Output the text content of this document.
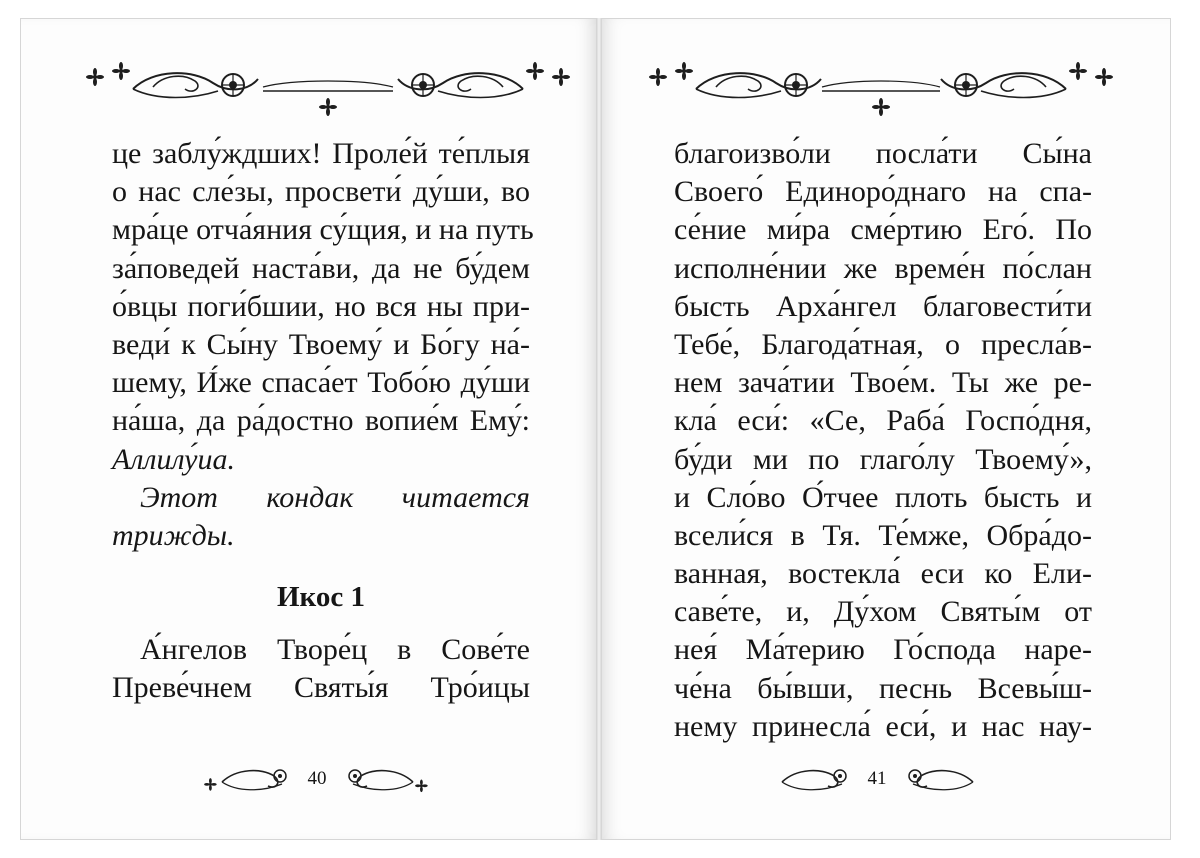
це заблу́ждших! Проле́й те́плыя
о нас сле́зы, просвети́ ду́ши, во
мра́це отча́яния су́щия, и на путь
за́поведей наста́ви, да не бу́дем
о́вцы поги́бшии, но вся ны при-
веди́ к Сы́ну Твоему́ и Бо́гу на́-
шему, И́же спаса́ет Тобо́ю ду́ши
на́ша, да ра́достно вопие́м Ему́:
Аллилу́иа.
Этот кондак читается
трижды.
Икос 1
А́нгелов Творе́ц в Сове́те
Преве́чнем Святы́я Тро́ицы
40
благоизво́ли посла́ти Сы́на
Своего́ Единоро́днаго на спа-
се́ние ми́ра сме́ртию Его́. По
исполне́нии же време́н по́слан
бысть Арха́нгел благовести́ти
Тебе́, Благода́тная, о пресла́в-
нем зача́тии Твое́м. Ты же ре-
кла́ еси́: «Се, Раба́ Госпо́дня,
бу́ди ми по глаго́лу Твоему́»,
и Сло́во О́тчее плоть бысть и
всели́ся в Тя. Те́мже, Обра́до-
ванная, востекла́ еси ко Ели-
саве́те, и, Ду́хом Святы́м от
нея́ Ма́терию Го́спода наре-
че́на бы́вши, песнь Всевы́ш-
нему принесла́ еси́, и нас нау-
41
